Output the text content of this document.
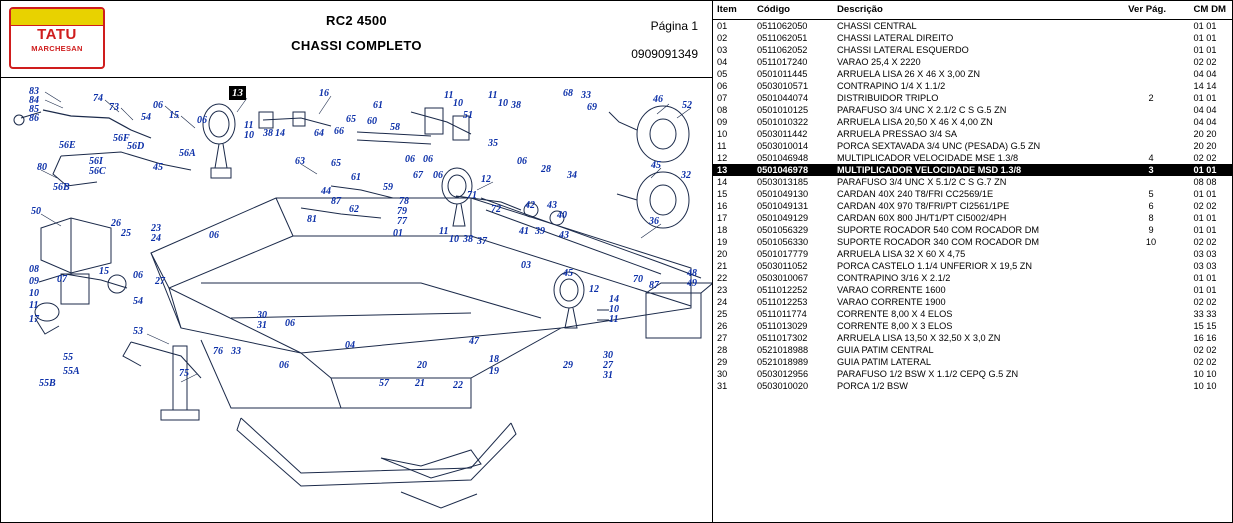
TATU
MARCHESAN
RC2 4500
CHASSI COMPLETO
Página 1
0909091349
83
84
85
86
74
73	06
15
13
54	06	11
10 38 14
16
64 66
65
61
60
58
51
11
10
11
10 38
68 33
69
46
52
35
56F
56E	56D
56A
56I
56C	45
80
56B
63	65	06 06	06
28
34
45
32
61	67 06	12
59
44
87
62
71
78
79
77
81
72 42 43
40
50
26
25 23
24	06	01	11
10 38 37
41 39 43
36
08
09
10
11
17
07
15 06
27
54
03
45
12
70
87
48
49
14
10
11
30
31 06
53
04	47
55
76 33
55A	75
06	20
18
19
29
30
27
31
55B	57	21	22
Item	Código	Descrição	Ver Pág.	CM DM
01	0511062050	CHASSI CENTRAL		01 01
02	0511062051	CHASSI LATERAL DIREITO		01 01
03	0511062052	CHASSI LATERAL ESQUERDO		01 01
04	0511017240	VARAO 25,4 X 2220		02 02
05	0501011445	ARRUELA LISA 26 X 46 X 3,00 ZN		04 04
06	0503010571	CONTRAPINO 1/4 X 1.1/2		14 14
07	0501044074	DISTRIBUIDOR TRIPLO	2	01 01
08	0501010125	PARAFUSO 3/4 UNC X 2.1/2 C S G.5 ZN		04 04
09	0501010322	ARRUELA LISA 20,50 X 46 X 4,00 ZN		04 04
10	0503011442	ARRUELA PRESSAO 3/4 SA		20 20
11	0503010014	PORCA SEXTAVADA 3/4 UNC (PESADA) G.5 ZN		20 20
12	0501046948	MULTIPLICADOR VELOCIDADE MSE 1.3/8	4	02 02
13	0501046978	MULTIPLICADOR VELOCIDADE MSD 1.3/8	3	01 01
14	0503013185	PARAFUSO 3/4 UNC X 5.1/2 C S G.7 ZN		08 08
15	0501049130	CARDAN 40X 240 T8/FRI CC2569/1E	5	01 01
16	0501049131	CARDAN 40X 970 T8/FRI/PT CI2561/1PE	6	02 02
17	0501049129	CARDAN 60X 800 JH/T1/PT CI5002/4PH	8	01 01
18	0501056329	SUPORTE ROCADOR 540 COM ROCADOR DM	9	01 01
19	0501056330	SUPORTE ROCADOR 340 COM ROCADOR DM	10	02 02
20	0501017779	ARRUELA LISA 32 X 60 X 4,75		03 03
21	0503011052	PORCA CASTELO 1.1/4 UNFERIOR X 19,5 ZN		03 03
22	0503010067	CONTRAPINO 3/16 X 2.1/2		01 01
23	0511012252	VARAO CORRENTE 1600		01 01
24	0511012253	VARAO CORRENTE 1900		02 02
25	0511011774	CORRENTE 8,00 X 4 ELOS		33 33
26	0511013029	CORRENTE 8,00 X 3 ELOS		15 15
27	0511017302	ARRUELA LISA 13,50 X 32,50 X 3,0 ZN		16 16
28	0521018988	GUIA PATIM CENTRAL		02 02
29	0521018989	GUIA PATIM LATERAL		02 02
30	0503012956	PARAFUSO 1/2 BSW X 1.1/2 CEPQ G.5 ZN		10 10
31	0503010020	PORCA 1/2 BSW		10 10
